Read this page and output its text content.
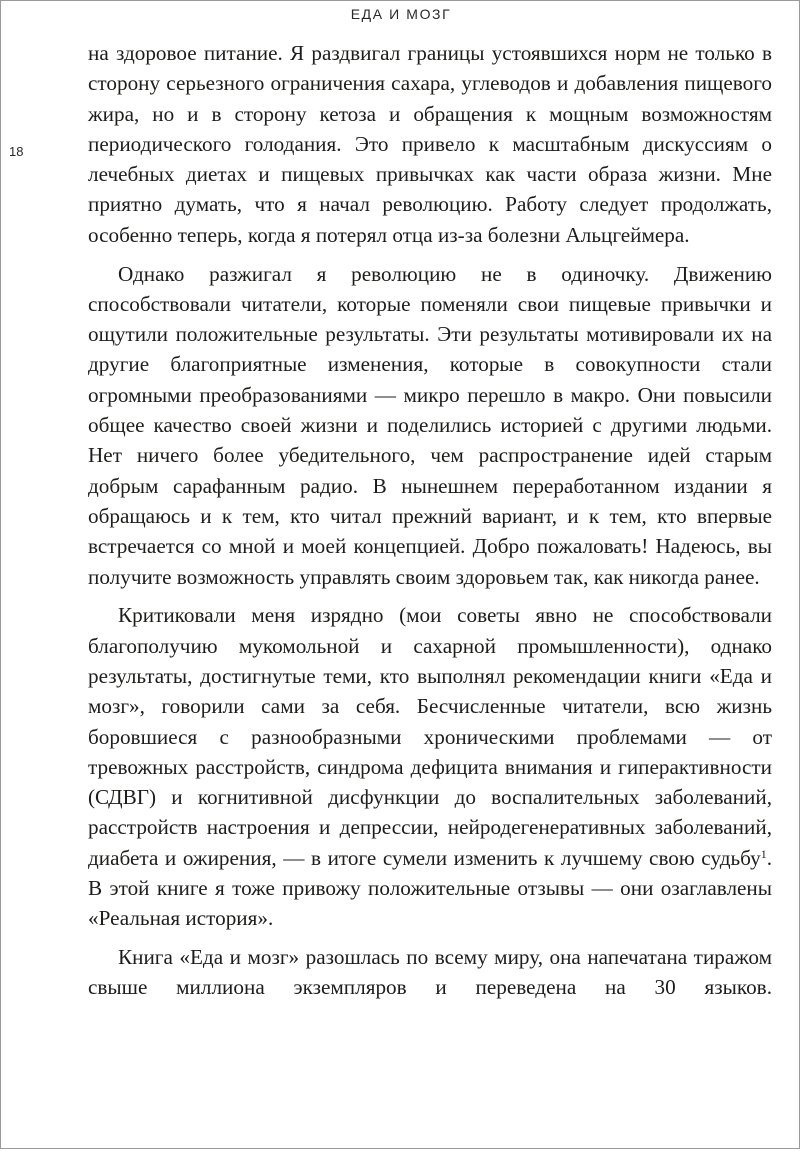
ЕДА И МОЗГ
18

на здоровое питание. Я раздвигал границы устоявшихся норм не только в сторону серьезного ограничения сахара, углеводов и добавления пищевого жира, но и в сторону кетоза и обращения к мощным возможностям периодического голодания. Это привело к масштабным дискуссиям о лечебных диетах и пищевых привычках как части образа жизни. Мне приятно думать, что я начал революцию. Работу следует продолжать, особенно теперь, когда я потерял отца из-за болезни Альцгеймера.

Однако разжигал я революцию не в одиночку. Движению способствовали читатели, которые поменяли свои пищевые привычки и ощутили положительные результаты. Эти результаты мотивировали их на другие благоприятные изменения, которые в совокупности стали огромными преобразованиями — микро перешло в макро. Они повысили общее качество своей жизни и поделились историей с другими людьми. Нет ничего более убедительного, чем распространение идей старым добрым сарафанным радио. В нынешнем переработанном издании я обращаюсь и к тем, кто читал прежний вариант, и к тем, кто впервые встречается со мной и моей концепцией. Добро пожаловать! Надеюсь, вы получите возможность управлять своим здоровьем так, как никогда ранее.

Критиковали меня изрядно (мои советы явно не способствовали благополучию мукомольной и сахарной промышленности), однако результаты, достигнутые теми, кто выполнял рекомендации книги «Еда и мозг», говорили сами за себя. Бесчисленные читатели, всю жизнь боровшиеся с разнообразными хроническими проблемами — от тревожных расстройств, синдрома дефицита внимания и гиперактивности (СДВГ) и когнитивной дисфункции до воспалительных заболеваний, расстройств настроения и депрессии, нейродегенеративных заболеваний, диабета и ожирения, — в итоге сумели изменить к лучшему свою судьбу$^1$. В этой книге я тоже привожу положительные отзывы — они озаглавлены «Реальная история».

Книга «Еда и мозг» разошлась по всему миру, она напечатана тиражом свыше миллиона экземпляров и переведена на 30 языков.
